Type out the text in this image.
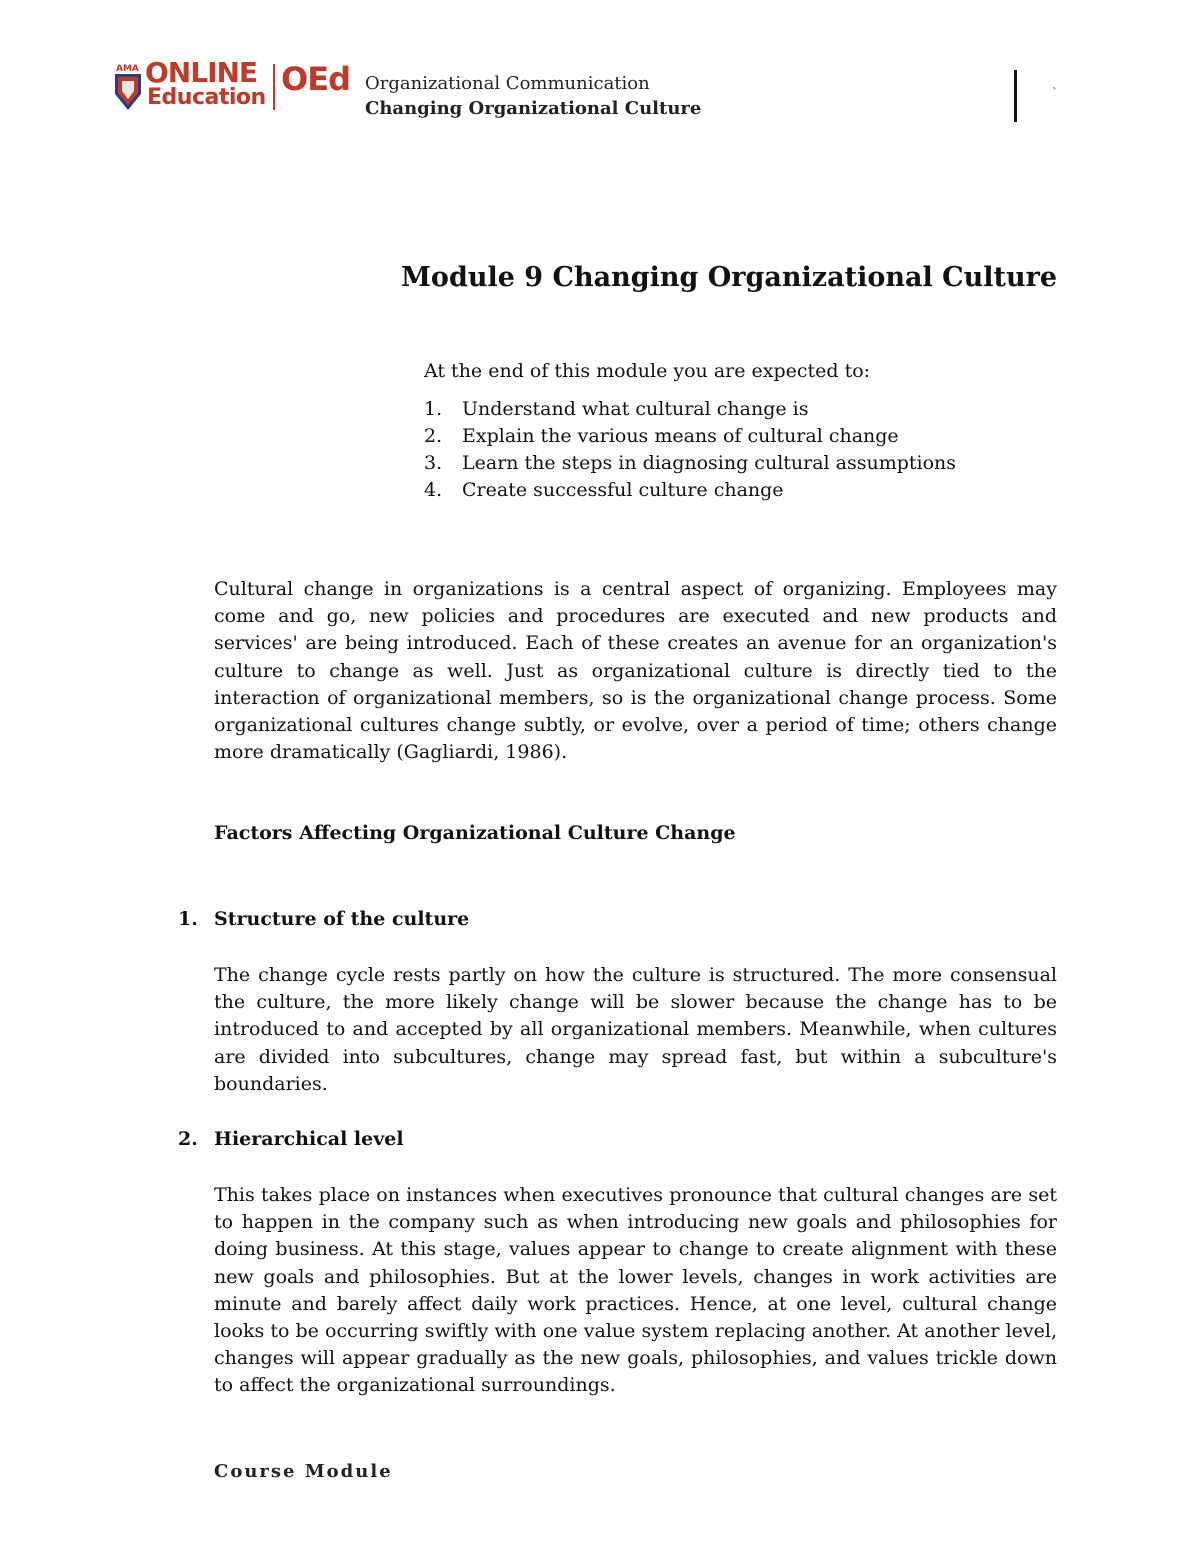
AMA ONLINE
Education OEd Organizational Communication
Changing Organizational Culture
`
Module 9 Changing Organizational Culture
At the end of this module you are expected to:
1. Understand what cultural change is
2. Explain the various means of cultural change
3. Learn the steps in diagnosing cultural assumptions
4. Create successful culture change

Cultural change in organizations is a central aspect of organizing. Employees may come and go, new policies and procedures are executed and new products and services' are being introduced. Each of these creates an avenue for an organization's culture to change as well. Just as organizational culture is directly tied to the interaction of organizational members, so is the organizational change process. Some organizational cultures change subtly, or evolve, over a period of time; others change more dramatically (Gagliardi, 1986).

Factors Affecting Organizational Culture Change
1. Structure of the culture

The change cycle rests partly on how the culture is structured. The more consensual the culture, the more likely change will be slower because the change has to be introduced to and accepted by all organizational members. Meanwhile, when cultures are divided into subcultures, change may spread fast, but within a subculture's boundaries.

2. Hierarchical level

This takes place on instances when executives pronounce that cultural changes are set to happen in the company such as when introducing new goals and philosophies for doing business. At this stage, values appear to change to create alignment with these new goals and philosophies. But at the lower levels, changes in work activities are minute and barely affect daily work practices. Hence, at one level, cultural change looks to be occurring swiftly with one value system replacing another. At another level, changes will appear gradually as the new goals, philosophies, and values trickle down to affect the organizational surroundings.

Course Module
